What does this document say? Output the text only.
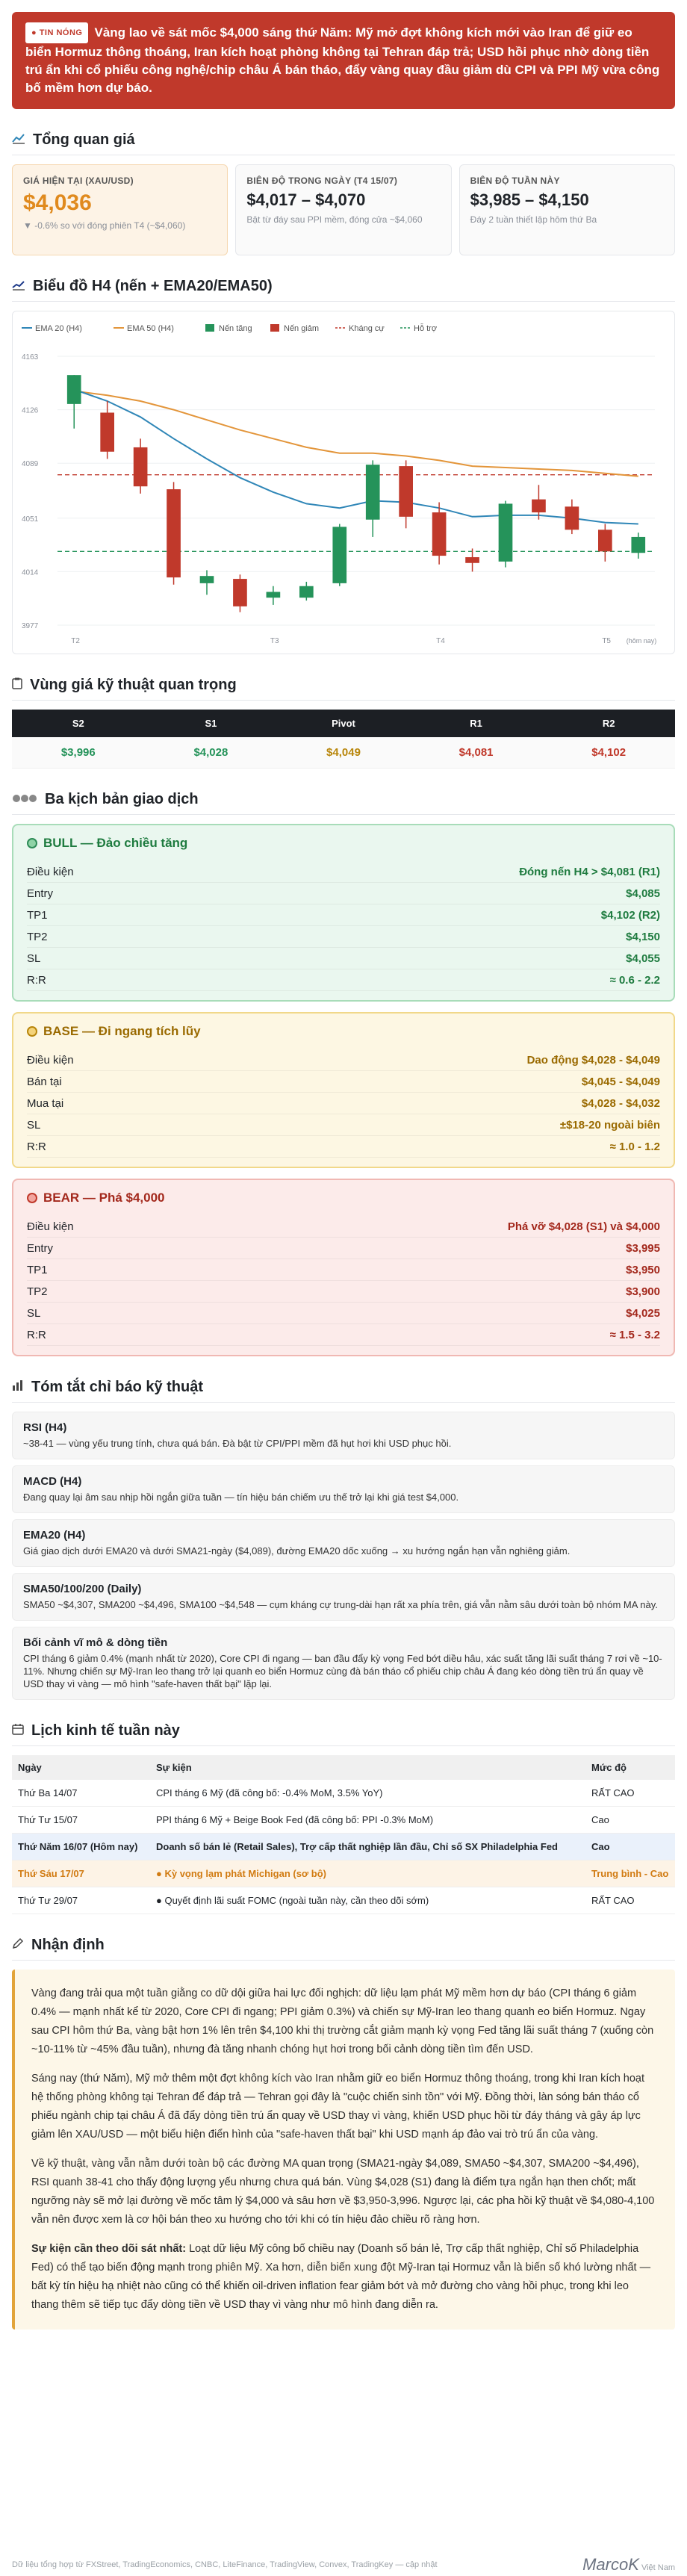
● TIN NÓNG Vàng lao về sát mốc $4,000 sáng thứ Năm: Mỹ mở đợt không kích mới vào Iran để giữ eo biển Hormuz thông thoáng, Iran kích hoạt phòng không tại Tehran đáp trả; USD hồi phục nhờ dòng tiền trú ẩn khi cổ phiếu công nghệ/chip châu Á bán tháo, đẩy vàng quay đầu giảm dù CPI và PPI Mỹ vừa công bố mềm hơn dự báo.
Tổng quan giá
GIÁ HIỆN TẠI (XAU/USD)
$4,036
▼ -0.6% so với đóng phiên T4 (~$4,060)
BIÊN ĐỘ TRONG NGÀY (T4 15/07)
$4,017 – $4,070
Bật từ đáy sau PPI mềm, đóng cửa ~$4,060
BIÊN ĐỘ TUẦN NÀY
$3,985 – $4,150
Đáy 2 tuần thiết lập hôm thứ Ba
Biểu đồ H4 (nến + EMA20/EMA50)
EMA 20 (H4)	EMA 50 (H4)	Nến tăng	Nến giảm	Kháng cự	Hỗ trợ
4163
4126
4089
4051
4014
3977
T2	T3	T4	T5 (hôm nay)
Vùng giá kỹ thuật quan trọng
S2	S1	Pivot	R1	R2
$3,996	$4,028	$4,049	$4,081	$4,102
Ba kịch bản giao dịch
BULL — Đảo chiều tăng
Điều kiện	Đóng nến H4 > $4,081 (R1)
Entry	$4,085
TP1	$4,102 (R2)
TP2	$4,150
SL	$4,055
R:R	≈ 0.6 - 2.2
BASE — Đi ngang tích lũy
Điều kiện	Dao động $4,028 - $4,049
Bán tại	$4,045 - $4,049
Mua tại	$4,028 - $4,032
SL	±$18-20 ngoài biên
R:R	≈ 1.0 - 1.2
BEAR — Phá $4,000
Điều kiện	Phá vỡ $4,028 (S1) và $4,000
Entry	$3,995
TP1	$3,950
TP2	$3,900
SL	$4,025
R:R	≈ 1.5 - 3.2
Tóm tắt chỉ báo kỹ thuật
RSI (H4)
~38-41 — vùng yếu trung tính, chưa quá bán. Đà bật từ CPI/PPI mềm đã hụt hơi khi USD phục hồi.
MACD (H4)
Đang quay lại âm sau nhịp hồi ngắn giữa tuần — tín hiệu bán chiếm ưu thế trở lại khi giá test $4,000.
EMA20 (H4)
Giá giao dịch dưới EMA20 và dưới SMA21-ngày ($4,089), đường EMA20 dốc xuống → xu hướng ngắn hạn vẫn nghiêng giảm.
SMA50/100/200 (Daily)
SMA50 ~$4,307, SMA200 ~$4,496, SMA100 ~$4,548 — cụm kháng cự trung-dài hạn rất xa phía trên, giá vẫn nằm sâu dưới toàn bộ nhóm MA này.
Bối cảnh vĩ mô & dòng tiền
CPI tháng 6 giảm 0.4% (mạnh nhất từ 2020), Core CPI đi ngang — ban đầu đẩy kỳ vọng Fed bớt diều hâu, xác suất tăng lãi suất tháng 7 rơi về ~10-11%. Nhưng chiến sự Mỹ-Iran leo thang trở lại quanh eo biển Hormuz cùng đà bán tháo cổ phiếu chip châu Á đang kéo dòng tiền trú ẩn quay về USD thay vì vàng — mô hình "safe-haven thất bại" lặp lại.
Lịch kinh tế tuần này
Ngày	Sự kiện	Mức độ
Thứ Ba 14/07	CPI tháng 6 Mỹ (đã công bố: -0.4% MoM, 3.5% YoY)	RẤT CAO
Thứ Tư 15/07	PPI tháng 6 Mỹ + Beige Book Fed (đã công bố: PPI -0.3% MoM)	Cao
Thứ Năm 16/07 (Hôm nay)	Doanh số bán lẻ (Retail Sales), Trợ cấp thất nghiệp lần đầu, Chỉ số SX Philadelphia Fed	Cao
Thứ Sáu 17/07	● Kỳ vọng lạm phát Michigan (sơ bộ)	Trung bình - Cao
Thứ Tư 29/07	● Quyết định lãi suất FOMC (ngoài tuần này, cần theo dõi sớm)	RẤT CAO
Nhận định

Vàng đang trải qua một tuần giằng co dữ dội giữa hai lực đối nghịch: dữ liệu lạm phát Mỹ mềm hơn dự báo (CPI tháng 6 giảm 0.4% — mạnh nhất kể từ 2020, Core CPI đi ngang; PPI giảm 0.3%) và chiến sự Mỹ-Iran leo thang quanh eo biển Hormuz. Ngay sau CPI hôm thứ Ba, vàng bật hơn 1% lên trên $4,100 khi thị trường cắt giảm mạnh kỳ vọng Fed tăng lãi suất tháng 7 (xuống còn ~10-11% từ ~45% đầu tuần), nhưng đà tăng nhanh chóng hụt hơi trong bối cảnh dòng tiền tìm đến USD.

Sáng nay (thứ Năm), Mỹ mở thêm một đợt không kích vào Iran nhằm giữ eo biển Hormuz thông thoáng, trong khi Iran kích hoạt hệ thống phòng không tại Tehran để đáp trả — Tehran gọi đây là "cuộc chiến sinh tồn" với Mỹ. Đồng thời, làn sóng bán tháo cổ phiếu ngành chip tại châu Á đã đẩy dòng tiền trú ẩn quay về USD thay vì vàng, khiến USD phục hồi từ đáy tháng và gây áp lực giảm lên XAU/USD — một biểu hiện điển hình của "safe-haven thất bại" khi USD mạnh áp đảo vai trò trú ẩn của vàng.

Về kỹ thuật, vàng vẫn nằm dưới toàn bộ các đường MA quan trọng (SMA21-ngày $4,089, SMA50 ~$4,307, SMA200 ~$4,496), RSI quanh 38-41 cho thấy động lượng yếu nhưng chưa quá bán. Vùng $4,028 (S1) đang là điểm tựa ngắn hạn then chốt; mất ngưỡng này sẽ mở lại đường về mốc tâm lý $4,000 và sâu hơn về $3,950-3,996. Ngược lại, các pha hồi kỹ thuật về $4,080-4,100 vẫn nên được xem là cơ hội bán theo xu hướng cho tới khi có tín hiệu đảo chiều rõ ràng hơn.

Sự kiện cần theo dõi sát nhất: Loạt dữ liệu Mỹ công bố chiều nay (Doanh số bán lẻ, Trợ cấp thất nghiệp, Chỉ số Philadelphia Fed) có thể tạo biến động mạnh trong phiên Mỹ. Xa hơn, diễn biến xung đột Mỹ-Iran tại Hormuz vẫn là biến số khó lường nhất — bất kỳ tín hiệu hạ nhiệt nào cũng có thể khiến oil-driven inflation fear giảm bớt và mở đường cho vàng hồi phục, trong khi leo thang thêm sẽ tiếp tục đẩy dòng tiền về USD thay vì vàng như mô hình đang diễn ra.

Dữ liệu tổng hợp từ FXStreet, TradingEconomics, CNBC, LiteFinance, TradingView, Convex, TradingKey — cập nhật	MarcoK Việt Nam
